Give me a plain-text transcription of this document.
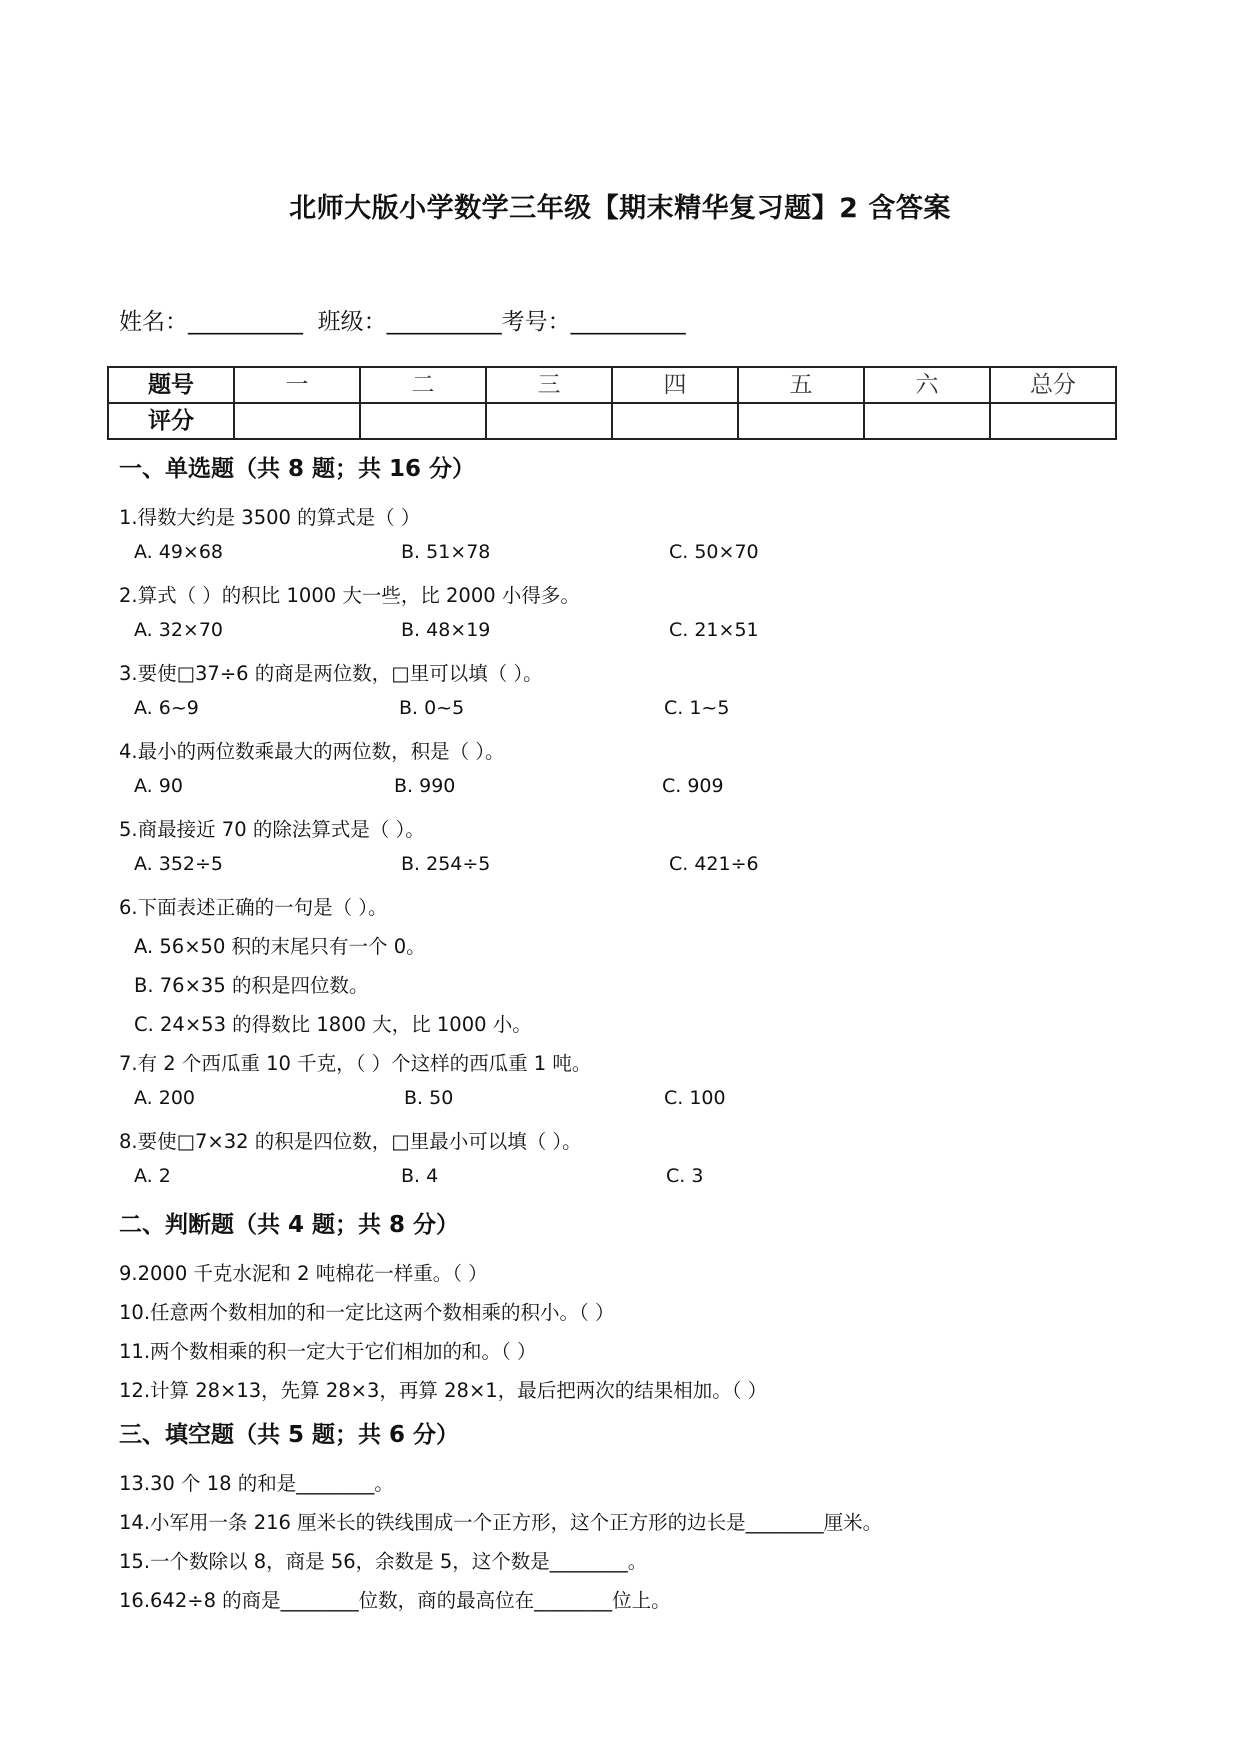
北师大版小学数学三年级【期末精华复习题】2 含答案
姓名：__________  班级：__________考号：__________
题号	一	二	三	四	五	六	总分
评分							
一、单选题（共 8 题；共 16 分）
1.得数大约是 3500 的算式是（ ）
A. 49×68	B. 51×78	C. 50×70
2.算式（ ）的积比 1000 大一些，比 2000 小得多。
A. 32×70	B. 48×19	C. 21×51
3.要使□37÷6 的商是两位数，□里可以填（ ）。
A. 6~9	B. 0~5	C. 1~5
4.最小的两位数乘最大的两位数，积是（ ）。
A. 90	B. 990	C. 909
5.商最接近 70 的除法算式是（ ）。
A. 352÷5	B. 254÷5	C. 421÷6
6.下面表述正确的一句是（ ）。
A. 56×50 积的末尾只有一个 0。
B. 76×35 的积是四位数。
C. 24×53 的得数比 1800 大，比 1000 小。
7.有 2 个西瓜重 10 千克，（ ）个这样的西瓜重 1 吨。
A. 200	B. 50	C. 100
8.要使□7×32 的积是四位数，□里最小可以填（ ）。
A. 2	B. 4	C. 3
二、判断题（共 4 题；共 8 分）
9.2000 千克水泥和 2 吨棉花一样重。（ ）
10.任意两个数相加的和一定比这两个数相乘的积小。（ ）
11.两个数相乘的积一定大于它们相加的和。（ ）
12.计算 28×13，先算 28×3，再算 28×1，最后把两次的结果相加。（ ）
三、填空题（共 5 题；共 6 分）
13.30 个 18 的和是________。
14.小军用一条 216 厘米长的铁线围成一个正方形，这个正方形的边长是________厘米。
15.一个数除以 8，商是 56，余数是 5，这个数是________。
16.642÷8 的商是________位数，商的最高位在________位上。
